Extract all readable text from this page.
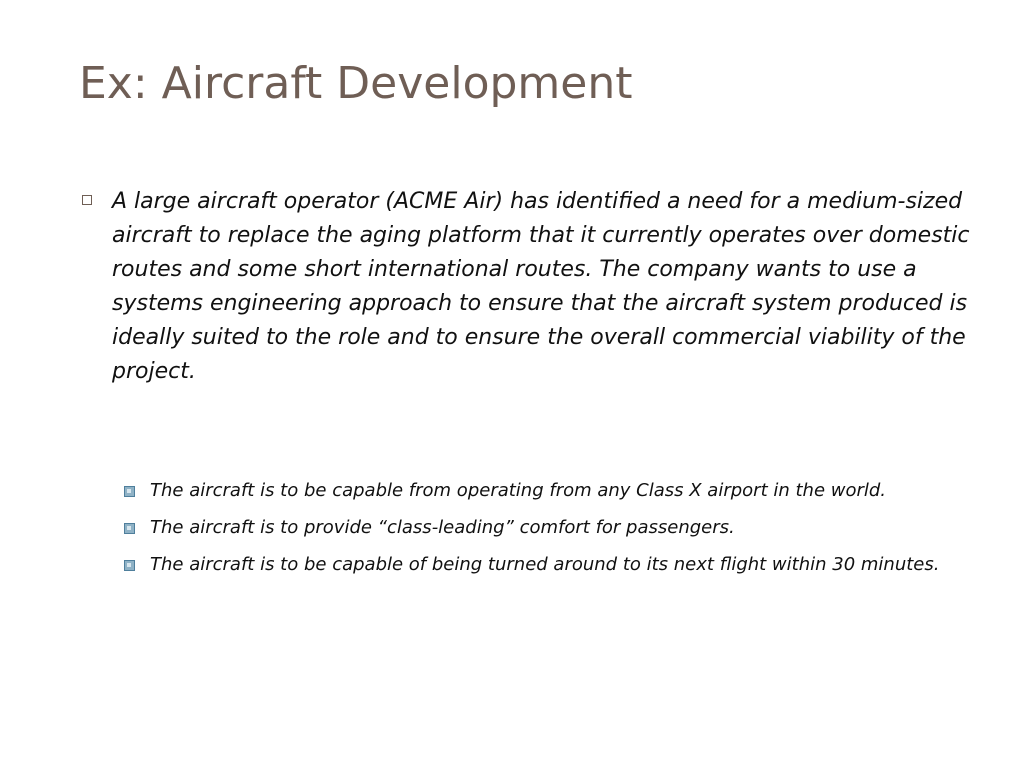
Ex: Aircraft Development
A large aircraft operator (ACME Air) has identified a need for a medium-sized aircraft to replace the aging platform that it currently operates over domestic routes and some short international routes. The company wants to use a systems engineering approach to ensure that the aircraft system produced is ideally suited to the role and to ensure the overall commercial viability of the project.
The aircraft is to be capable from operating from any Class X airport in the world.
The aircraft is to provide “class-leading” comfort for passengers.
The aircraft is to be capable of being turned around to its next flight within 30 minutes.
